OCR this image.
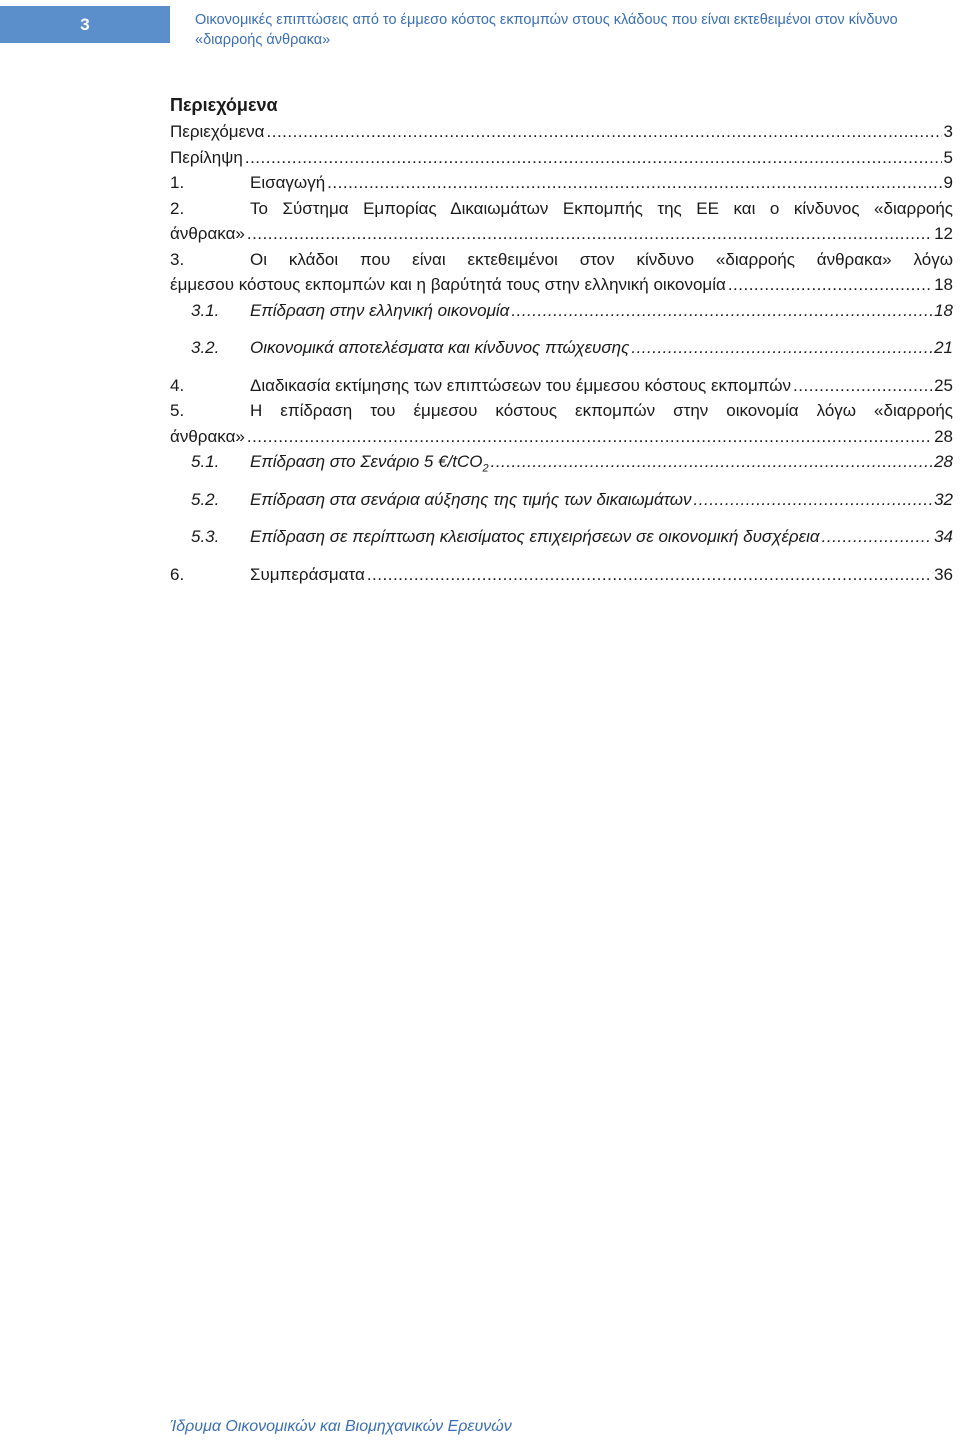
3	Οικονομικές επιπτώσεις από το έμμεσο κόστος εκπομπών στους κλάδους που είναι εκτεθειμένοι στον κίνδυνο «διαρροής άνθρακα»
Περιεχόμενα
Περιεχόμενα .....	3
Περίληψη .....	5
1.	Εισαγωγή .....	9
2.	Το Σύστημα Εμπορίας Δικαιωμάτων Εκπομπής της ΕΕ και ο κίνδυνος «διαρροής
άνθρακα» .....	12
3.	Οι κλάδοι που είναι εκτεθειμένοι στον κίνδυνο «διαρροής άνθρακα» λόγω
έμμεσου κόστους εκπομπών και η βαρύτητά τους στην ελληνική οικονομία .....	18
3.1.	Επίδραση στην ελληνική οικονομία .....	18
3.2.	Οικονομικά αποτελέσματα και κίνδυνος πτώχευσης .....	21
4.	Διαδικασία εκτίμησης των επιπτώσεων του έμμεσου κόστους εκπομπών .....	25
5.	Η επίδραση του έμμεσου κόστους εκπομπών στην οικονομία λόγω «διαρροής
άνθρακα» .....	28
5.1.	Επίδραση στο Σενάριο 5 €/tCO$_2$ .....	28
5.2.	Επίδραση στα σενάρια αύξησης της τιμής των δικαιωμάτων .....	32
5.3.	Επίδραση σε περίπτωση κλεισίματος επιχειρήσεων σε οικονομική δυσχέρεια .....	34
6.	Συμπεράσματα .....	36
Ίδρυμα Οικονομικών και Βιομηχανικών Ερευνών
